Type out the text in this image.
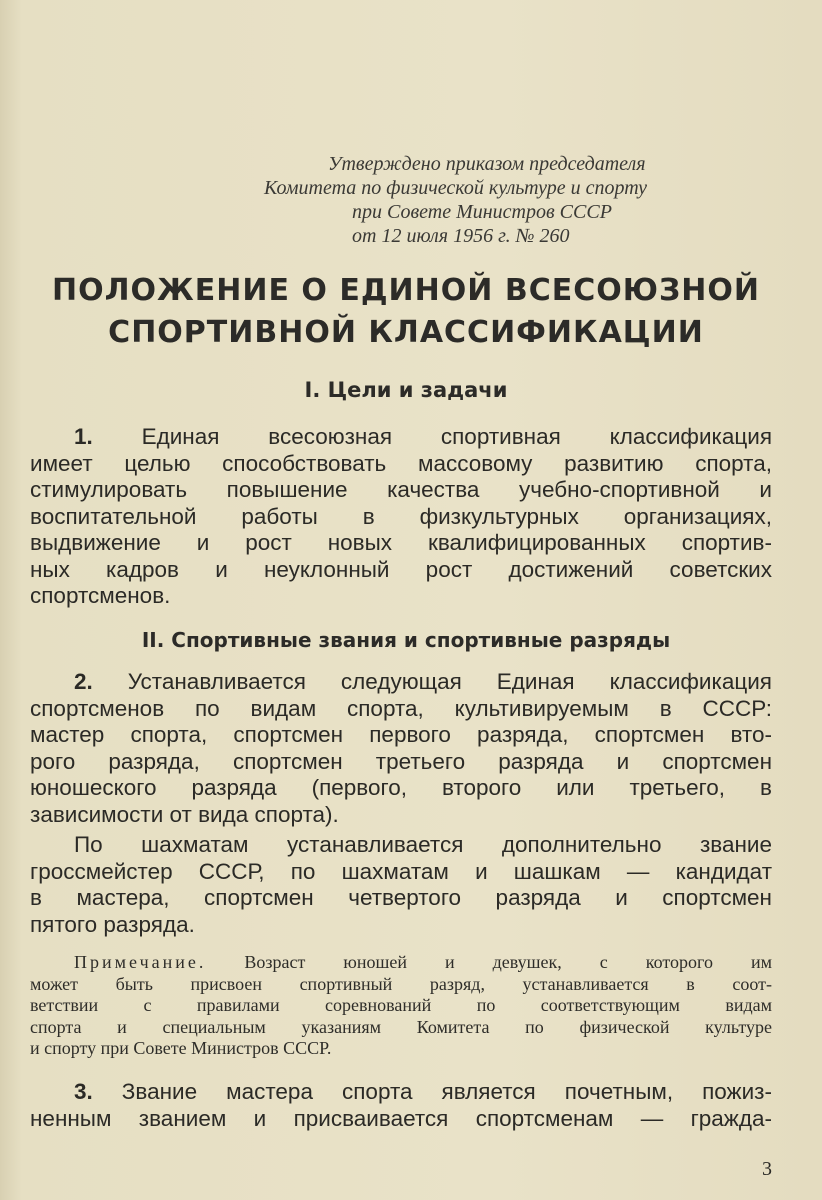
Утверждено приказом председателя
Комитета по физической культуре и спорту
при Совете Министров СССР
от 12 июля 1956 г. № 260
ПОЛОЖЕНИЕ О ЕДИНОЙ ВСЕСОЮЗНОЙ
СПОРТИВНОЙ КЛАССИФИКАЦИИ
I. Цели и задачи
1. Единая всесоюзная спортивная классификация
имеет целью способствовать массовому развитию спорта,
стимулировать повышение качества учебно-спортивной и
воспитательной работы в физкультурных организациях,
выдвижение и рост новых квалифицированных спортив-
ных кадров и неуклонный рост достижений советских
спортсменов.
II. Спортивные звания и спортивные разряды
2. Устанавливается следующая Единая классификация
спортсменов по видам спорта, культивируемым в СССР:
мастер спорта, спортсмен первого разряда, спортсмен вто-
рого разряда, спортсмен третьего разряда и спортсмен
юношеского разряда (первого, второго или третьего, в
зависимости от вида спорта).
По шахматам устанавливается дополнительно звание
гроссмейстер СССР, по шахматам и шашкам — кандидат
в мастера, спортсмен четвертого разряда и спортсмен
пятого разряда.
Примечание. Возраст юношей и девушек, с которого им
может быть присвоен спортивный разряд, устанавливается в соот-
ветствии с правилами соревнований по соответствующим видам
спорта и специальным указаниям Комитета по физической культуре
и спорту при Совете Министров СССР.
3. Звание мастера спорта является почетным, пожиз-
ненным званием и присваивается спортсменам — гражда-
3
